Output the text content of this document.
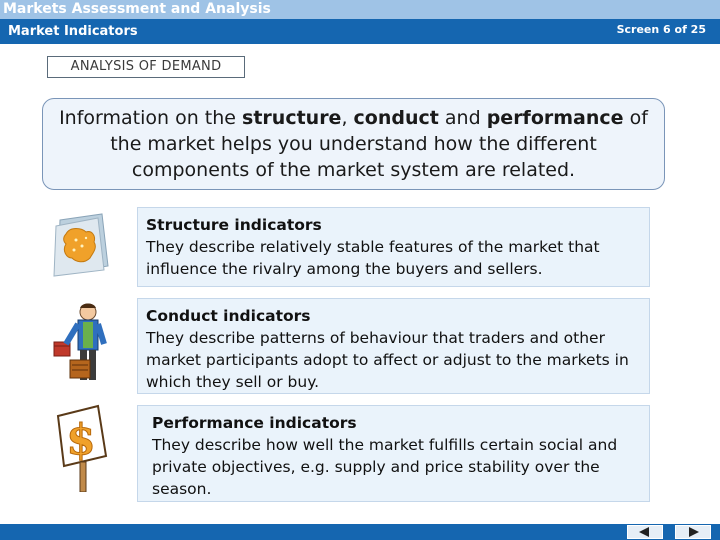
Markets Assessment and Analysis
Market Indicators	Screen 6 of 25
ANALYSIS OF DEMAND
Information on the structure, conduct and performance of the market helps you understand how the different components of the market system are related.
$
Structure indicators
They describe relatively stable features of the market that influence the rivalry among the buyers and sellers.
Conduct indicators
They describe patterns of behaviour that traders and other market participants adopt to affect or adjust to the markets in which they sell or buy.
Performance indicators
They describe how well the market fulfills certain social and private objectives, e.g. supply and price stability over the season.
